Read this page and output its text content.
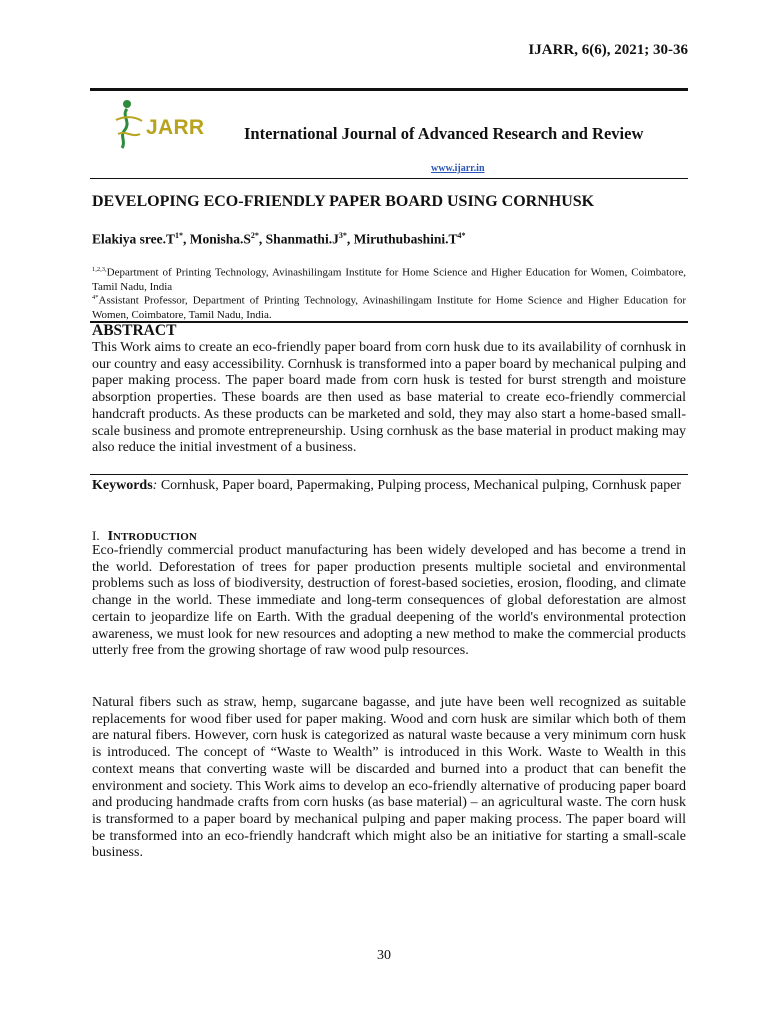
IJARR, 6(6), 2021; 30-36
JARR International Journal of Advanced Research and Review
www.ijarr.in
DEVELOPING ECO-FRIENDLY PAPER BOARD USING CORNHUSK
Elakiya $sree.T^{1*}$, $Monisha.S^{2*}$, $Shanmathi.J^{3*}$, $Miruthubashini.T^{4*}$
$^{1,2,3,}$Department of Printing Technology, Avinashilingam Institute for Home Science and Higher Education for Women, Coimbatore, Tamil Nadu, India
$^{4*}$Assistant Professor, Department of Printing Technology, Avinashilingam Institute for Home Science and Higher Education for Women, Coimbatore, Tamil Nadu, India.
ABSTRACT
This Work aims to create an eco-friendly paper board from corn husk due to its availability of cornhusk in our country and easy accessibility. Cornhusk is transformed into a paper board by mechanical pulping and paper making process. The paper board made from corn husk is tested for burst strength and moisture absorption properties. These boards are then used as base material to create eco-friendly commercial handcraft products. As these products can be marketed and sold, they may also start a home-based small-scale business and promote entrepreneurship. Using cornhusk as the base material in product making may also reduce the initial investment of a business.
Keywords: Cornhusk, Paper board, Papermaking, Pulping process, Mechanical pulping, Cornhusk paper
I. INTRODUCTION
Eco-friendly commercial product manufacturing has been widely developed and has become a trend in the world. Deforestation of trees for paper production presents multiple societal and environmental problems such as loss of biodiversity, destruction of forest-based societies, erosion, flooding, and climate change in the world. These immediate and long-term consequences of global deforestation are almost certain to jeopardize life on Earth. With the gradual deepening of the world's environmental protection awareness, we must look for new resources and adopting a new method to make the commercial products utterly free from the growing shortage of raw wood pulp resources.
Natural fibers such as straw, hemp, sugarcane bagasse, and jute have been well recognized as suitable replacements for wood fiber used for paper making. Wood and corn husk are similar which both of them are natural fibers. However, corn husk is categorized as natural waste because a very minimum corn husk is introduced. The concept of “Waste to Wealth” is introduced in this Work. Waste to Wealth in this context means that converting waste will be discarded and burned into a product that can benefit the environment and society. This Work aims to develop an eco-friendly alternative of producing paper board and producing handmade crafts from corn husks (as base material) – an agricultural waste. The corn husk is transformed to a paper board by mechanical pulping and paper making process. The paper board will be transformed into an eco-friendly handcraft which might also be an initiative for starting a small-scale business.
30
